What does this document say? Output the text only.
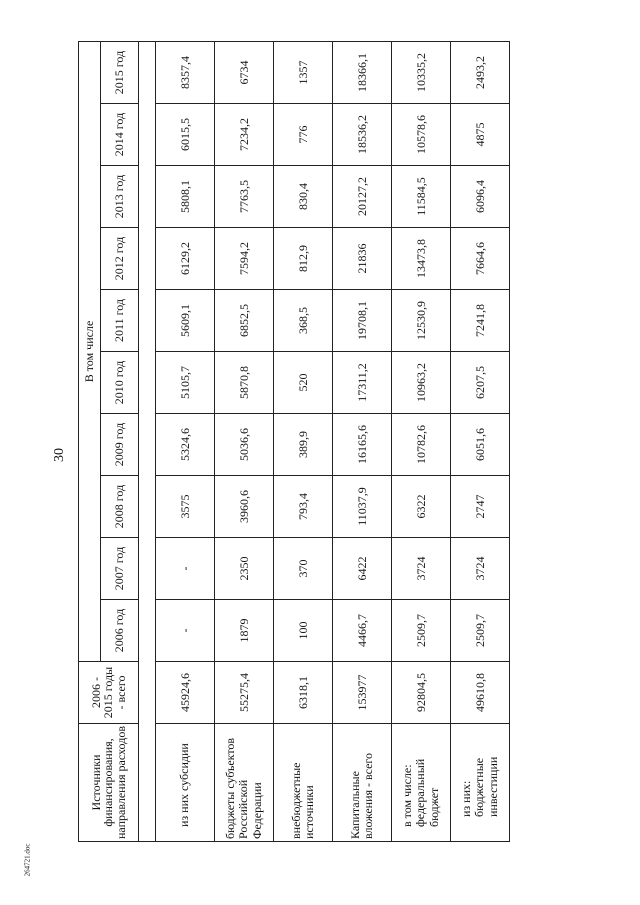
30
Источники финансирования, направления расходов	2006 - 2015 годы - всего	В том числе									
		2006 год	2007 год	2008 год	2009 год	2010 год	2011 год	2012 год	2013 год	2014 год	2015 год

из них субсидии	45924,6	-	-	3575	5324,6	5105,7	5609,1	6129,2	5808,1	6015,5	8357,4
бюджеты субъектов Российской Федерации	55275,4	1879	2350	3960,6	5036,6	5870,8	6852,5	7594,2	7763,5	7234,2	6734
внебюджетные источники	6318,1	100	370	793,4	389,9	520	368,5	812,9	830,4	776	1357
Капитальные вложения - всего	153977	4466,7	6422	11037,9	16165,6	17311,2	19708,1	21836	20127,2	18536,2	18366,1
в том числе: федеральный бюджет	92804,5	2509,7	3724	6322	10782,6	10963,2	12530,9	13473,8	11584,5	10578,6	10335,2
из них: бюджетные инвестиции	49610,8	2509,7	3724	2747	6051,6	6207,5	7241,8	7664,6	6096,4	4875	2493,2
264721.doc
